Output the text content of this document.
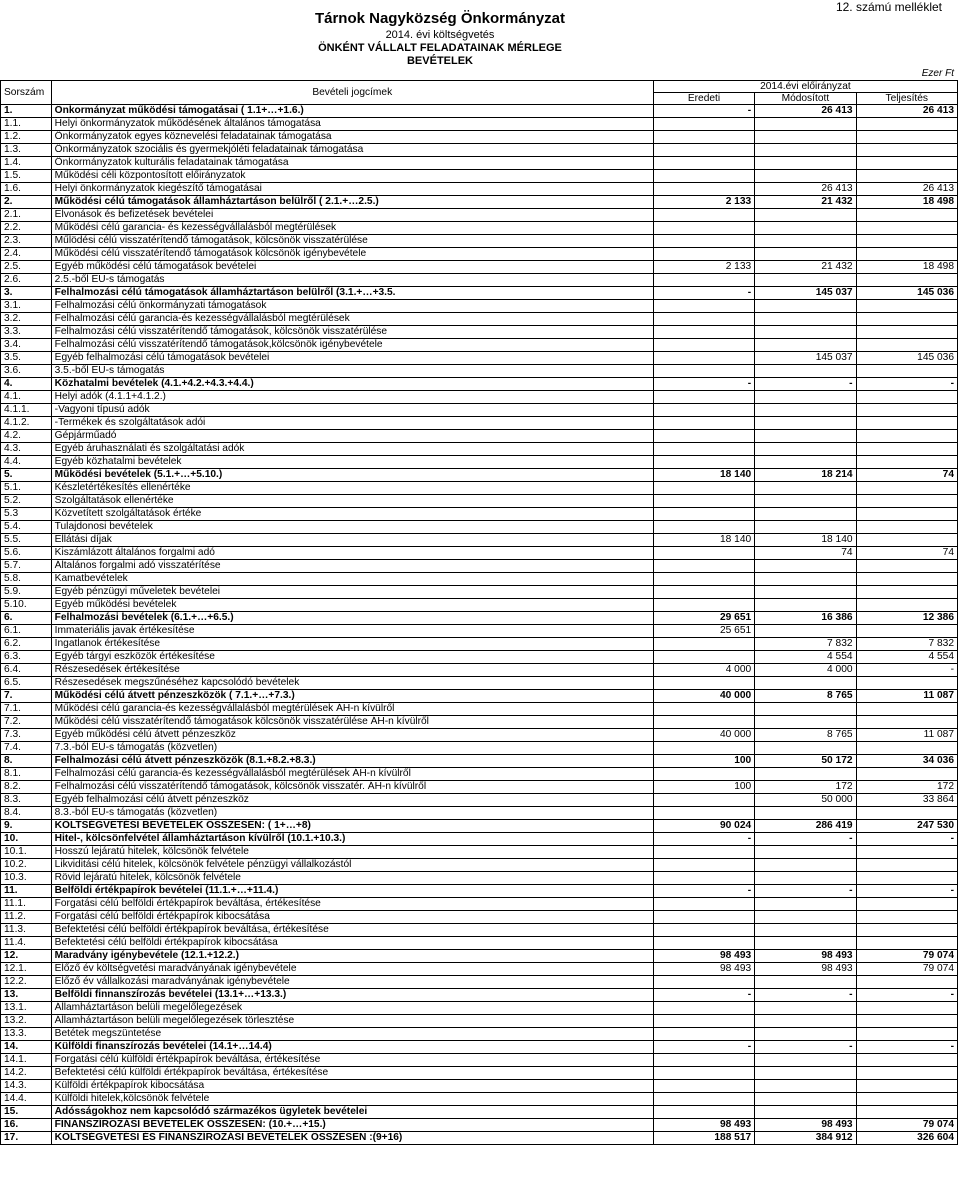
Tárnok Nagyközség Önkormányzat
2014. évi költségvetés
ÖNKÉNT VÁLLALT FELADATAINAK MÉRLEGE
BEVÉTELEK
12. számú melléklet
Ezer Ft
Sorszám	Bevételi jogcímek	2014.évi előirányzat		
		Eredeti	Módosított	Teljesítés
1.	Önkormányzat működési támogatásai ( 1.1+…+1.6.)	-	26 413	26 413
1.1.	Helyi önkormányzatok működésének általános támogatása			
1.2.	Önkormányzatok egyes köznevelési feladatainak támogatása			
1.3.	Önkormányzatok szociális és gyermekjóléti feladatainak támogatása			
1.4.	Önkormányzatok kulturális feladatainak támogatása			
1.5.	Működési céli központosított előirányzatok			
1.6.	Helyi önkormányzatok kiegészítő támogatásai		26 413	26 413
2.	Működési célú támogatások államháztartáson belülről ( 2.1.+…2.5.)	2 133	21 432	18 498
2.1.	Elvonások és befizetések bevételei			
2.2.	Működési célú garancia- és kezességvállalásból megtérülések			
2.3.	Műlödési célú visszatérítendő támogatások, kölcsönök visszatérülése			
2.4.	Működési célú visszatérítendő támogatások kölcsönök igénybevétele			
2.5.	Egyéb működési célú támogatások bevételei	2 133	21 432	18 498
2.6.	2.5.-ből EU-s támogatás			
3.	Felhalmozási célú támogatások államháztartáson belülről (3.1.+…+3.5.	-	145 037	145 036
3.1.	Felhalmozási célú önkormányzati támogatások			
3.2.	Felhalmozási célú garancia-és kezességvállalásból megtérülések			
3.3.	Felhalmozási célú visszatérítendő támogatások, kölcsönök visszatérülése			
3.4.	Felhalmozási célú visszatérítendő támogatások,kölcsönök igénybevétele			
3.5.	Egyéb felhalmozási célú támogatások bevételei		145 037	145 036
3.6.	3.5.-ből EU-s támogatás			
4.	Közhatalmi bevételek (4.1.+4.2.+4.3.+4.4.)	-	-	-
4.1.	Helyi adók (4.1.1+4.1.2.)			
4.1.1.	-Vagyoni típusú adók			
4.1.2.	-Termékek és szolgáltatások adói			
4.2.	Gépjárműadó			
4.3.	Egyéb áruhasználati és szolgáltatási adók			
4.4.	Egyéb közhatalmi bevételek			
5.	Működési bevételek (5.1.+…+5.10.)	18 140	18 214	74
5.1.	Készletértékesítés ellenértéke			
5.2.	Szolgáltatások ellenértéke			
5.3	Közvetített szolgáltatások értéke			
5.4.	Tulajdonosi bevételek			
5.5.	Ellátási díjak	18 140	18 140	
5.6.	Kiszámlázott általános forgalmi adó		74	74
5.7.	Általános forgalmi adó visszatérítése			
5.8.	Kamatbevételek			
5.9.	Egyéb pénzügyi műveletek bevételei			
5.10.	Egyéb működési bevételek			
6.	Felhalmozási bevételek (6.1.+…+6.5.)	29 651	16 386	12 386
6.1.	Immateriális javak értékesítése	25 651		
6.2.	Ingatlanok értékesítése		7 832	7 832
6.3.	Egyéb tárgyi eszközök értékesítése		4 554	4 554
6.4.	Részesedések értékesítése	4 000	4 000	-
6.5.	Részesedések megszűnéséhez kapcsolódó bevételek			
7.	Működési célú átvett pénzeszközök ( 7.1.+…+7.3.)	40 000	8 765	11 087
7.1.	Működési célú garancia-és kezességvállalásból megtérülések ÁH-n kívülről			
7.2.	Működési célú visszatérítendő támogatások kölcsönök visszatérülése ÁH-n kívülről			
7.3.	Egyéb működési célú átvett pénzeszköz	40 000	8 765	11 087
7.4.	7.3.-ból EU-s támogatás (közvetlen)			
8.	Felhalmozási célú átvett pénzeszközök (8.1.+8.2.+8.3.)	100	50 172	34 036
8.1.	Felhalmozási célú garancia-és kezességvállalásból megtérülések ÁH-n kívülről			
8.2.	Felhalmozási célú visszatérítendő támogatások, kölcsönök visszatér. ÁH-n kívülről	100	172	172
8.3.	Egyéb felhalmozási célú átvett pénzeszköz		50 000	33 864
8.4.	8.3.-ból EU-s támogatás (közvetlen)			
9.	KÖLTSÉGVETÉSI BEVÉTELEK ÖSSZESEN: ( 1+…+8)	90 024	286 419	247 530
10.	Hitel-, kölcsönfelvétel államháztartáson kívülről (10.1.+10.3.)	-	-	-
10.1.	Hosszú lejáratú hitelek, kölcsönök felvétele			
10.2.	Likviditási célú hitelek, kölcsönök felvétele pénzügyi vállalkozástól			
10.3.	Rövid lejáratú hitelek, kölcsönök felvétele			
11.	Belföldi értékpapírok bevételei (11.1.+…+11.4.)	-	-	-
11.1.	Forgatási célú belföldi értékpapírok beváltása, értékesítése			
11.2.	Forgatási célú belföldi értékpapírok kibocsátása			
11.3.	Befektetési célú belföldi értékpapírok beváltása, értékesítése			
11.4.	Befektetési célú belföldi értékpapírok kibocsátása			
12.	Maradvány igénybevétele (12.1.+12.2.)	98 493	98 493	79 074
12.1.	Előző év költségvetési maradványának igénybevétele	98 493	98 493	79 074
12.2.	Előző év vállalkozási maradványának igénybevétele			
13.	Belföldi finnanszírozás bevételei (13.1+…+13.3.)	-	-	-
13.1.	Államháztartáson belüli megelőlegezések			
13.2.	Államháztartáson belüli megelőlegezések törlesztése			
13.3.	Betétek megszüntetése			
14.	Külföldi finanszírozás bevételei (14.1+…14.4)	-	-	-
14.1.	Forgatási célú külföldi értékpapírok beváltása, értékesítése			
14.2.	Befektetési célú külföldi értékpapírok beváltása, értékesítése			
14.3.	Külföldi értékpapírok kibocsátása			
14.4.	Külföldi hitelek,kölcsönök felvétele			
15.	Adósságokhoz nem kapcsolódó származékos ügyletek bevételei			
16.	FINANSZÍROZÁSI BEVÉTELEK ÖSSZESEN: (10.+…+15.)	98 493	98 493	79 074
17.	KÖLTSÉGVETÉSI ÉS FINANSZÍROZÁSI BEVÉTELEK ÖSSZESEN :(9+16)	188 517	384 912	326 604
